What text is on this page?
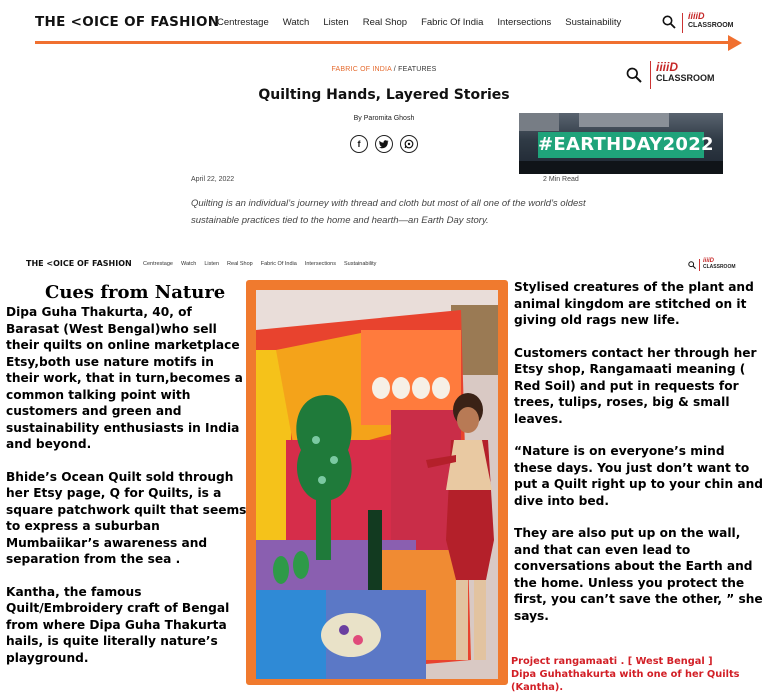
THE <OICE OF FASHION
Centrestage Watch Listen Real Shop Fabric Of India Intersections Sustainability
iiiiD
CLASSROOM
FABRIC OF INDIA / FEATURES	iiiiD
CLASSROOM
Quilting Hands, Layered Stories
By Paromita Ghosh
f	#EARTHDAY2022
April 22, 2022	2 Min Read

Quilting is an individual’s journey with thread and cloth but most of all one of the world’s oldest sustainable practices tied to the home and hearth—an Earth Day story.

THE <OICE OF FASHION Centrestage Watch Listen Real Shop Fabric Of India Intersections Sustainability	iiiiD
CLASSROOM
Cues from Nature

Dipa Guha Thakurta, 40, of Barasat (West Bengal)who sell their quilts on online marketplace Etsy,both use nature motifs in their work, that in turn,becomes a common talking point with customers and green and sustainability enthusiasts in India and beyond.

Bhide’s Ocean Quilt sold through her Etsy page, Q for Quilts, is a square patchwork quilt that seems to express a suburban Mumbaiikar’s awareness and separation from the sea .

Kantha, the famous Quilt/Embroidery craft of Bengal from where Dipa Guha Thakurta hails, is quite literally nature’s playground.

Stylised creatures of the plant and animal kingdom are stitched on it giving old rags new life.

Customers contact her through her Etsy shop, Rangamaati meaning ( Red Soil) and put in requests for trees, tulips, roses, big & small leaves.

“Nature is on everyone’s mind these days. You just don’t want to put a Quilt right up to your chin and dive into bed.

They are also put up on the wall, and that can even lead to conversations about the Earth and the home. Unless you protect the first, you can’t save the other, ” she says.

Project rangamaati . [ West Bengal ]
Dipa Guhathakurta with one of her Quilts (Kantha).
